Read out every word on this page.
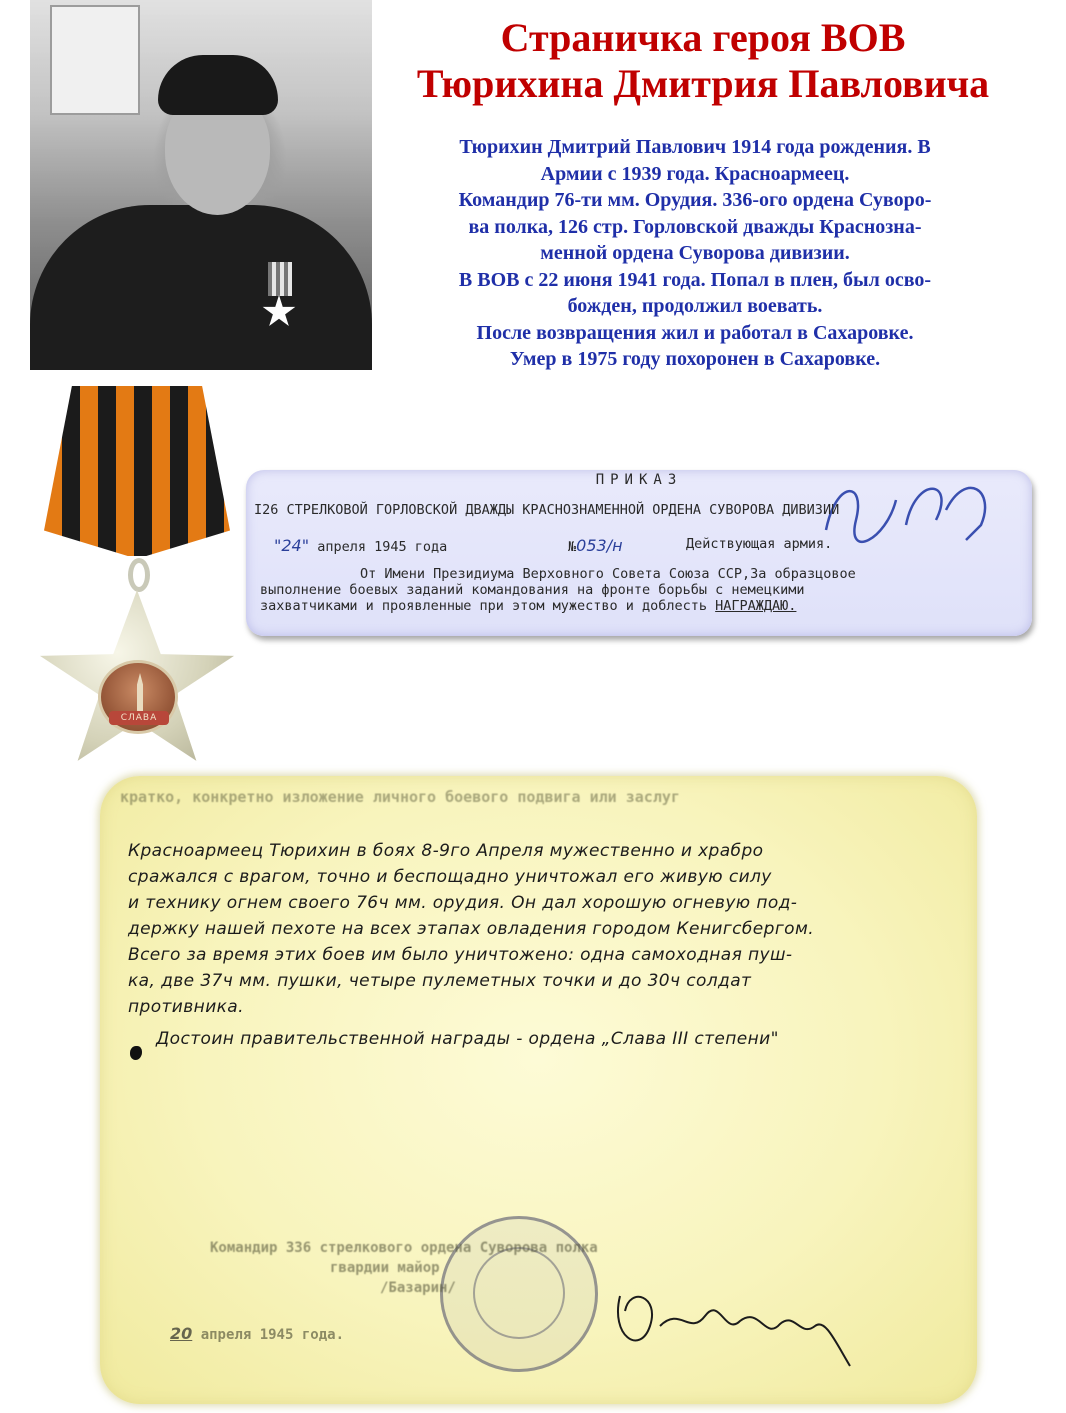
Страничка героя ВОВ
Тюрихина Дмитрия Павловича
Тюрихин Дмитрий Павлович 1914 года рождения. В
Армии с 1939 года. Красноармеец.
Командир 76-ти мм. Орудия. 336-ого ордена Суворо-
ва полка, 126 стр. Горловской дважды Краснозна-
менной ордена Суворова дивизии.
В ВОВ с 22 июня 1941 года. Попал в плен, был осво-
божден, продолжил воевать.
После возвращения жил и работал в Сахаровке.
Умер в 1975 году похоронен в Сахаровке.
СЛАВА
ПРИКАЗ
I26 СТРЕЛКОВОЙ ГОРЛОВСКОЙ ДВАЖДЫ КРАСНОЗНАМЕННОЙ ОРДЕНА СУВОРОВА ДИВИЗИИ
"24" апреля 1945 года	№053/н	Действующая армия.

От Имени Президиума Верховного Совета Союза ССР,За образцовое

выполнение боевых заданий командования на фронте борьбы с немецкими

захватчиками и проявленные при этом мужество и доблесть НАГРАЖДАЮ.

кратко, конкретно изложение личного боевого подвига или заслуг

Красноармеец Тюрихин в боях 8-9го Апреля мужественно и храбро

сражался с врагом, точно и беспощадно уничтожал его живую силу

и технику огнем своего 76ч мм. орудия. Он дал хорошую огневую под-

держку нашей пехоте на всех этапах овладения городом Кенигсбергом.

Всего за время этих боев им было уничтожено: одна самоходная пуш-

ка, две 37ч мм. пушки, четыре пулеметных точки и до 30ч солдат

противника.

Достоин правительственной награды - ордена „Слава III степени"

Командир 336 стрелкового ордена Суворова полка
гвардии майор
/Базарин/
20 апреля 1945 года.
